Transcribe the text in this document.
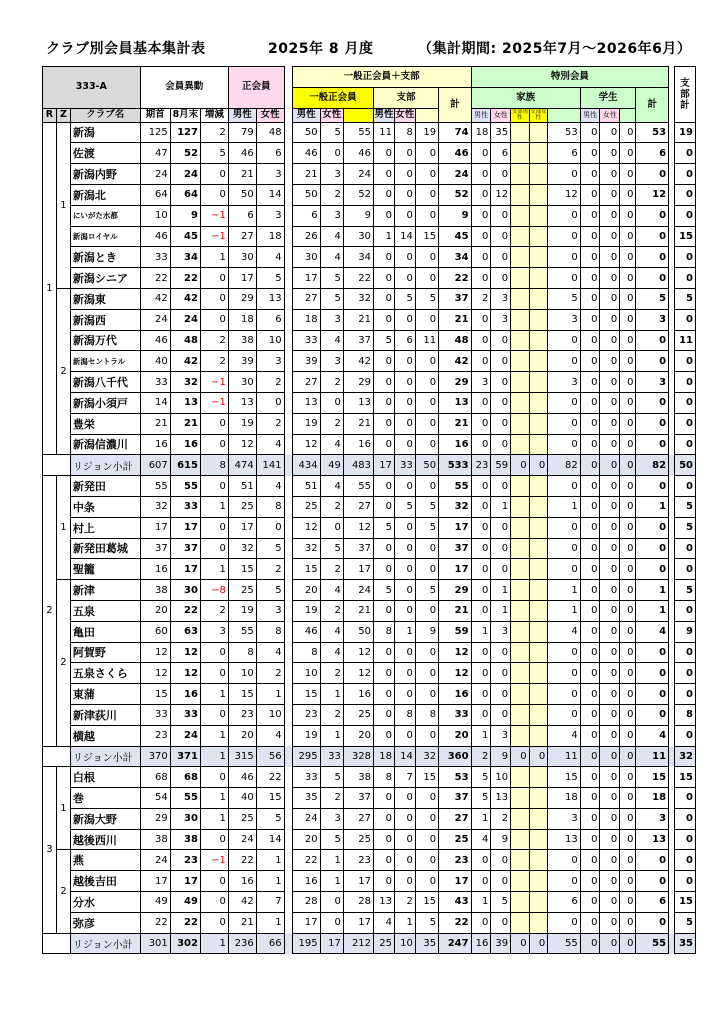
クラブ別会員基本集計表	2025年 8 月度	（集計期間: 2025年7月～2026年6月）
333-A			会員異動			正会員			一般正会員＋支部							特別会員										支部計
									一般正会員			支部			計	家族					学生			計		
R	Z	クラブ名	期首	8月末	増減	男性	女性		男性	女性		男性	女性			男性	女性	支部男性	支部女性		男性	女性				
1	1	新潟	125	127	2	79	48		50	5	55	11	8	19	74	18	35			53	0	0	0	53		19
		佐渡	47	52	5	46	6		46	0	46	0	0	0	46	0	6			6	0	0	0	6		0
		新潟内野	24	24	0	21	3		21	3	24	0	0	0	24	0	0			0	0	0	0	0		0
		新潟北	64	64	0	50	14		50	2	52	0	0	0	52	0	12			12	0	0	0	12		0
		にいがた水都	10	9	−1	6	3		6	3	9	0	0	0	9	0	0			0	0	0	0	0		0
		新潟ロイヤル	46	45	−1	27	18		26	4	30	1	14	15	45	0	0			0	0	0	0	0		15
		新潟とき	33	34	1	30	4		30	4	34	0	0	0	34	0	0			0	0	0	0	0		0
		新潟シニア	22	22	0	17	5		17	5	22	0	0	0	22	0	0			0	0	0	0	0		0
	2	新潟東	42	42	0	29	13		27	5	32	0	5	5	37	2	3			5	0	0	0	5		5
		新潟西	24	24	0	18	6		18	3	21	0	0	0	21	0	3			3	0	0	0	3		0
		新潟万代	46	48	2	38	10		33	4	37	5	6	11	48	0	0			0	0	0	0	0		11
		新潟セントラル	40	42	2	39	3		39	3	42	0	0	0	42	0	0			0	0	0	0	0		0
		新潟八千代	33	32	−1	30	2		27	2	29	0	0	0	29	3	0			3	0	0	0	3		0
		新潟小須戸	14	13	−1	13	0		13	0	13	0	0	0	13	0	0			0	0	0	0	0		0
		豊栄	21	21	0	19	2		19	2	21	0	0	0	21	0	0			0	0	0	0	0		0
		新潟信濃川	16	16	0	12	4		12	4	16	0	0	0	16	0	0			0	0	0	0	0		0
		リジョン小計	607	615	8	474	141		434	49	483	17	33	50	533	23	59	0	0	82	0	0	0	82		50
2	1	新発田	55	55	0	51	4		51	4	55	0	0	0	55	0	0			0	0	0	0	0		0
		中条	32	33	1	25	8		25	2	27	0	5	5	32	0	1			1	0	0	0	1		5
		村上	17	17	0	17	0		12	0	12	5	0	5	17	0	0			0	0	0	0	0		5
		新発田葛城	37	37	0	32	5		32	5	37	0	0	0	37	0	0			0	0	0	0	0		0
		聖籠	16	17	1	15	2		15	2	17	0	0	0	17	0	0			0	0	0	0	0		0
	2	新津	38	30	−8	25	5		20	4	24	5	0	5	29	0	1			1	0	0	0	1		5
		五泉	20	22	2	19	3		19	2	21	0	0	0	21	0	1			1	0	0	0	1		0
		亀田	60	63	3	55	8		46	4	50	8	1	9	59	1	3			4	0	0	0	4		9
		阿賀野	12	12	0	8	4		8	4	12	0	0	0	12	0	0			0	0	0	0	0		0
		五泉さくら	12	12	0	10	2		10	2	12	0	0	0	12	0	0			0	0	0	0	0		0
		東蒲	15	16	1	15	1		15	1	16	0	0	0	16	0	0			0	0	0	0	0		0
		新津荻川	33	33	0	23	10		23	2	25	0	8	8	33	0	0			0	0	0	0	0		8
		横越	23	24	1	20	4		19	1	20	0	0	0	20	1	3			4	0	0	0	4		0
		リジョン小計	370	371	1	315	56		295	33	328	18	14	32	360	2	9	0	0	11	0	0	0	11		32
3	1	白根	68	68	0	46	22		33	5	38	8	7	15	53	5	10			15	0	0	0	15		15
		巻	54	55	1	40	15		35	2	37	0	0	0	37	5	13			18	0	0	0	18		0
		新潟大野	29	30	1	25	5		24	3	27	0	0	0	27	1	2			3	0	0	0	3		0
		越後西川	38	38	0	24	14		20	5	25	0	0	0	25	4	9			13	0	0	0	13		0
	2	燕	24	23	−1	22	1		22	1	23	0	0	0	23	0	0			0	0	0	0	0		0
		越後吉田	17	17	0	16	1		16	1	17	0	0	0	17	0	0			0	0	0	0	0		0
		分水	49	49	0	42	7		28	0	28	13	2	15	43	1	5			6	0	0	0	6		15
		弥彦	22	22	0	21	1		17	0	17	4	1	5	22	0	0			0	0	0	0	0		5
		リジョン小計	301	302	1	236	66		195	17	212	25	10	35	247	16	39	0	0	55	0	0	0	55		35
